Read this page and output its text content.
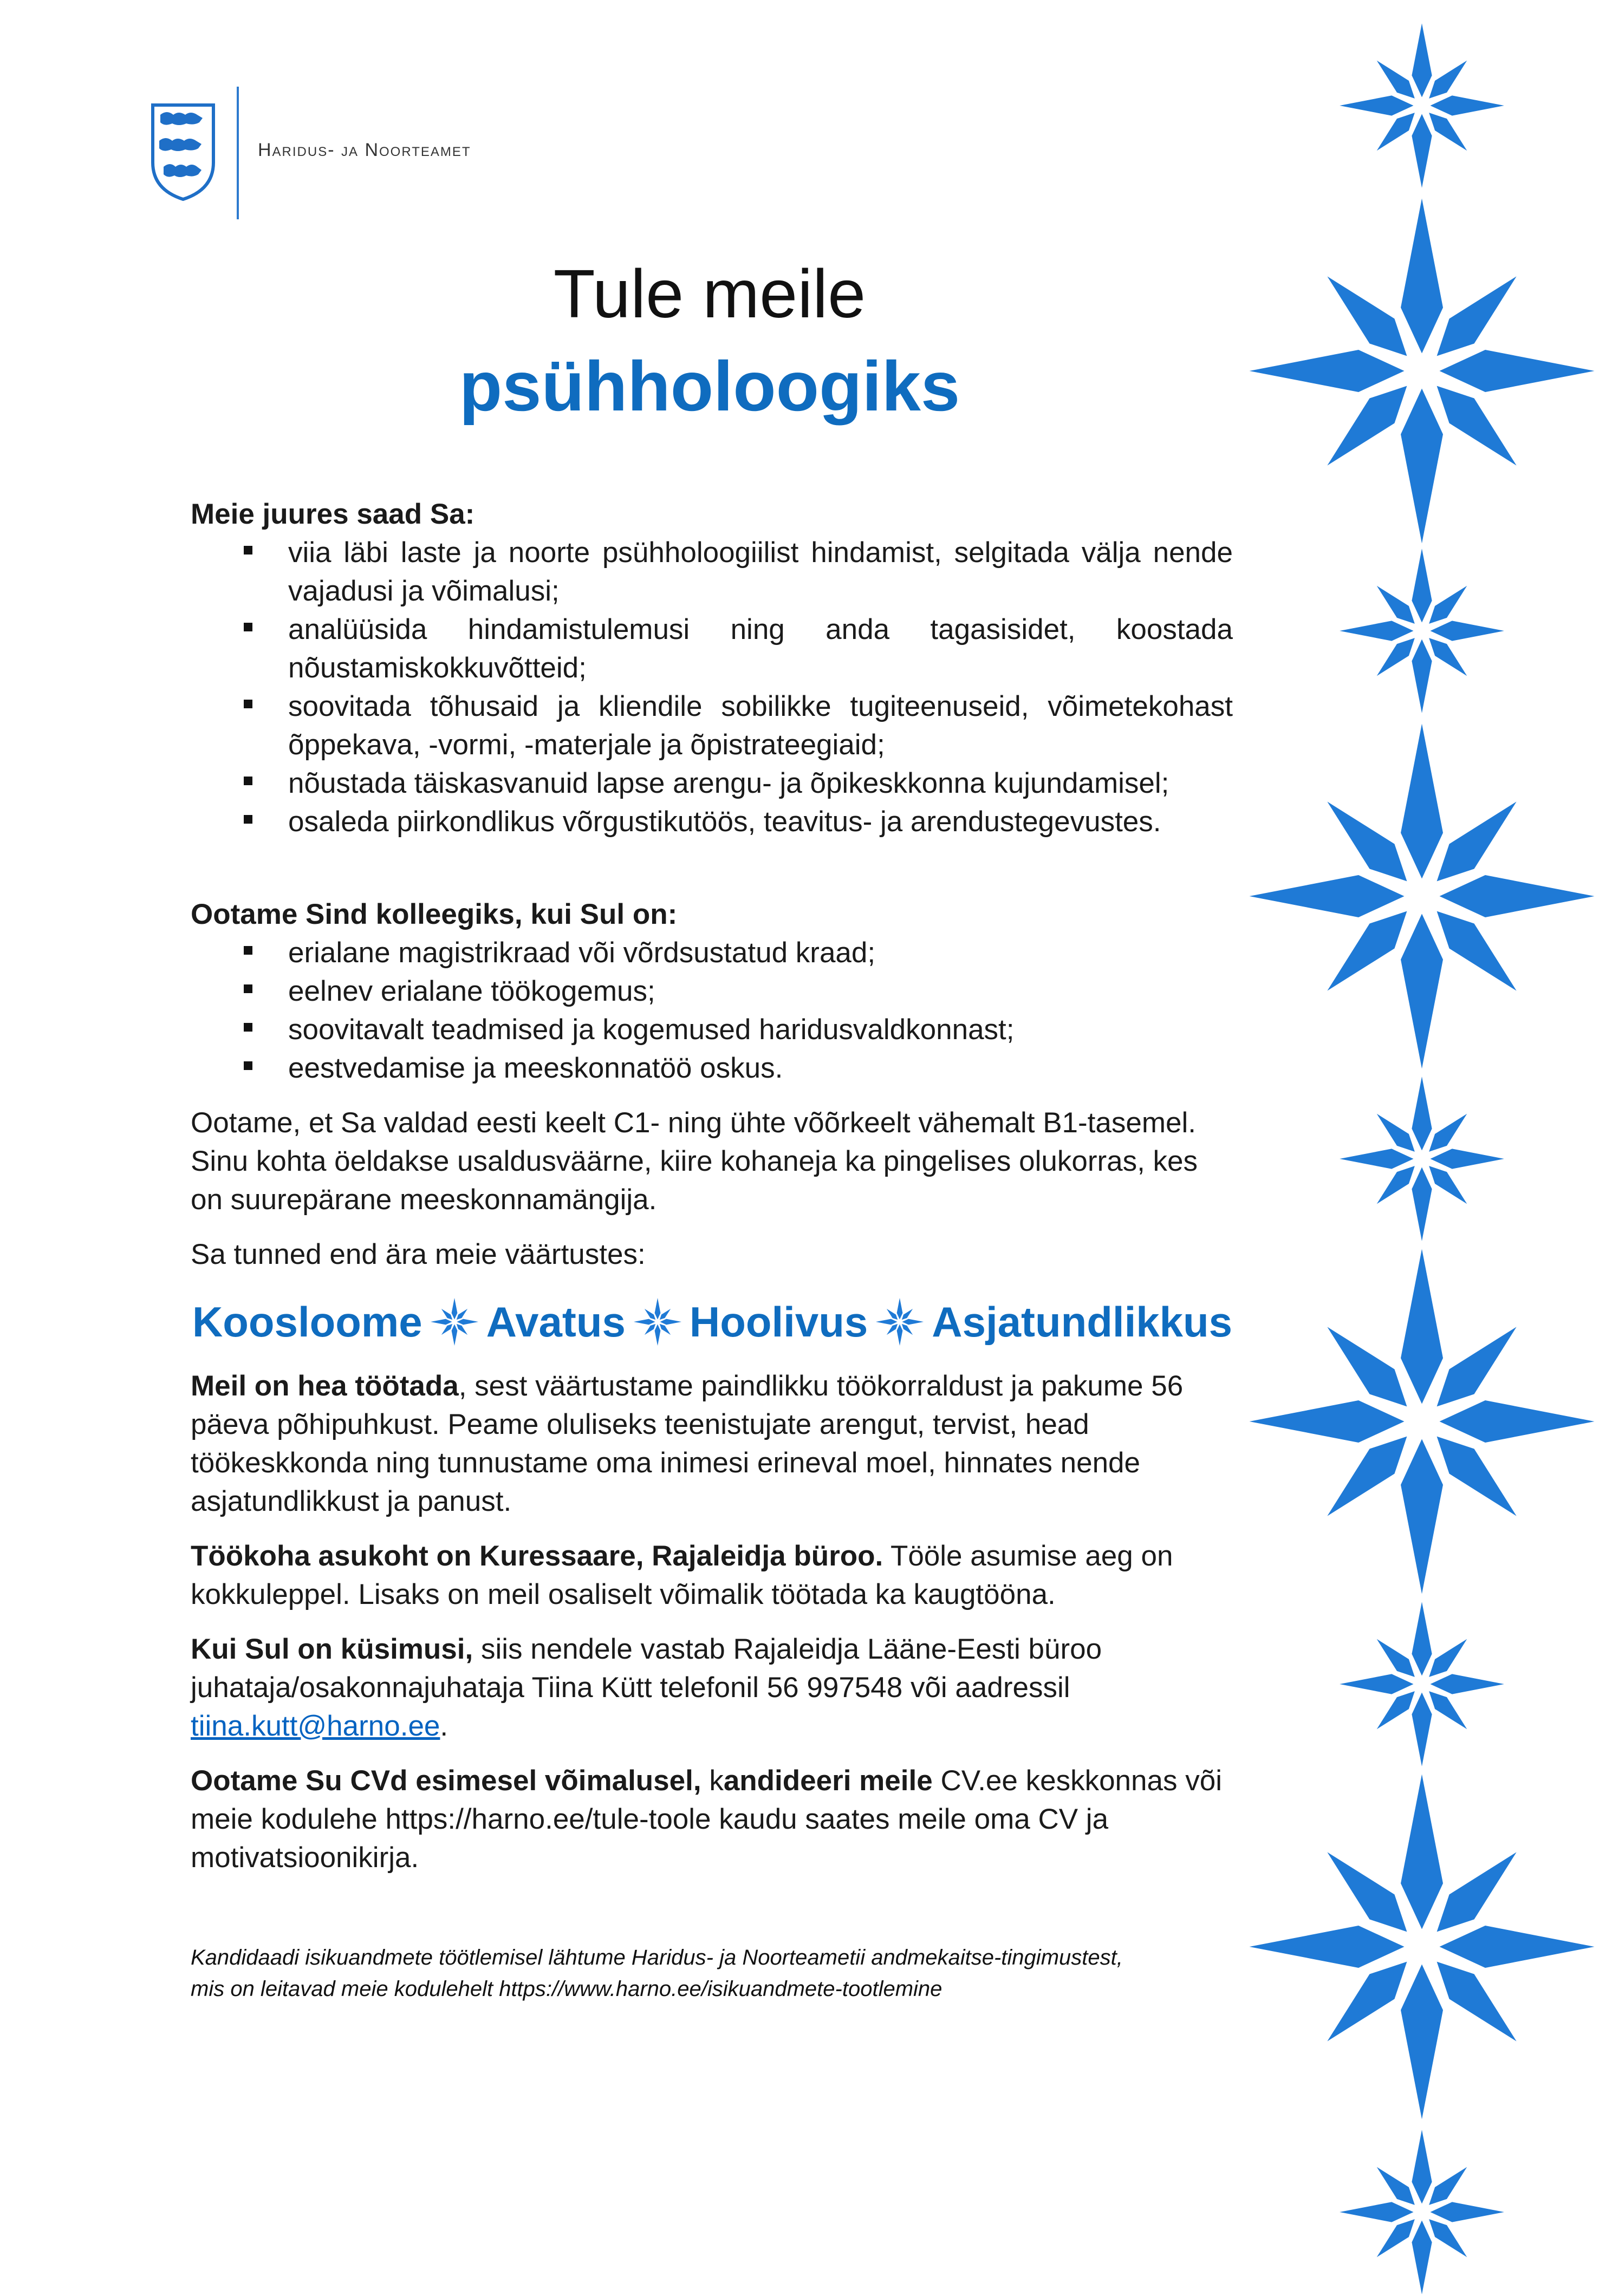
Haridus- ja Noorteamet
Tule meile
psühholoogiks

Meie juures saad Sa:

viia läbi laste ja noorte psühholoogiilist hindamist, selgitada välja nende vajadusi ja võimalusi;
analüüsida hindamistulemusi ning anda tagasisidet, koostada nõustamiskokkuvõtteid;
soovitada tõhusaid ja kliendile sobilikke tugiteenuseid, võimetekohast õppekava, -vormi, -materjale ja õpistrateegiaid;
nõustada täiskasvanuid lapse arengu- ja õpikeskkonna kujundamisel;
osaleda piirkondlikus võrgustikutöös, teavitus- ja arendustegevustes.

Ootame Sind kolleegiks, kui Sul on:

erialane magistrikraad või võrdsustatud kraad;
eelnev erialane töökogemus;
soovitavalt teadmised ja kogemused haridusvaldkonnast;
eestvedamise ja meeskonnatöö oskus.

Ootame, et Sa valdad eesti keelt C1- ning ühte võõrkeelt vähemalt B1-tasemel. Sinu kohta öeldakse usaldusväärne, kiire kohaneja ka pingelises olukorras, kes on suurepärane meeskonnamängija.

Sa tunned end ära meie väärtustes:

Koosloome Avatus Hoolivus Asjatundlikkus

Meil on hea töötada, sest väärtustame paindlikku töökorraldust ja pakume 56 päeva põhipuhkust. Peame oluliseks teenistujate arengut, tervist, head töökeskkonda ning tunnustame oma inimesi erineval moel, hinnates nende asjatundlikkust ja panust.

Töökoha asukoht on Kuressaare, Rajaleidja büroo. Tööle asumise aeg on kokkuleppel. Lisaks on meil osaliselt võimalik töötada ka kaugtööna.

Kui Sul on küsimusi, siis nendele vastab Rajaleidja Lääne-Eesti büroo juhataja/osakonnajuhataja Tiina Kütt telefonil 56 997548 või aadressil tiina.kutt@harno.ee.

Ootame Su CVd esimesel võimalusel, kandideeri meile CV.ee keskkonnas või meie kodulehe https://harno.ee/tule-toole kaudu saates meile oma CV ja motivatsioonikirja.

Kandidaadi isikuandmete töötlemisel lähtume Haridus- ja Noorteametii andmekaitse-tingimustest,
mis on leitavad meie kodulehelt https://www.harno.ee/isikuandmete-tootlemine
